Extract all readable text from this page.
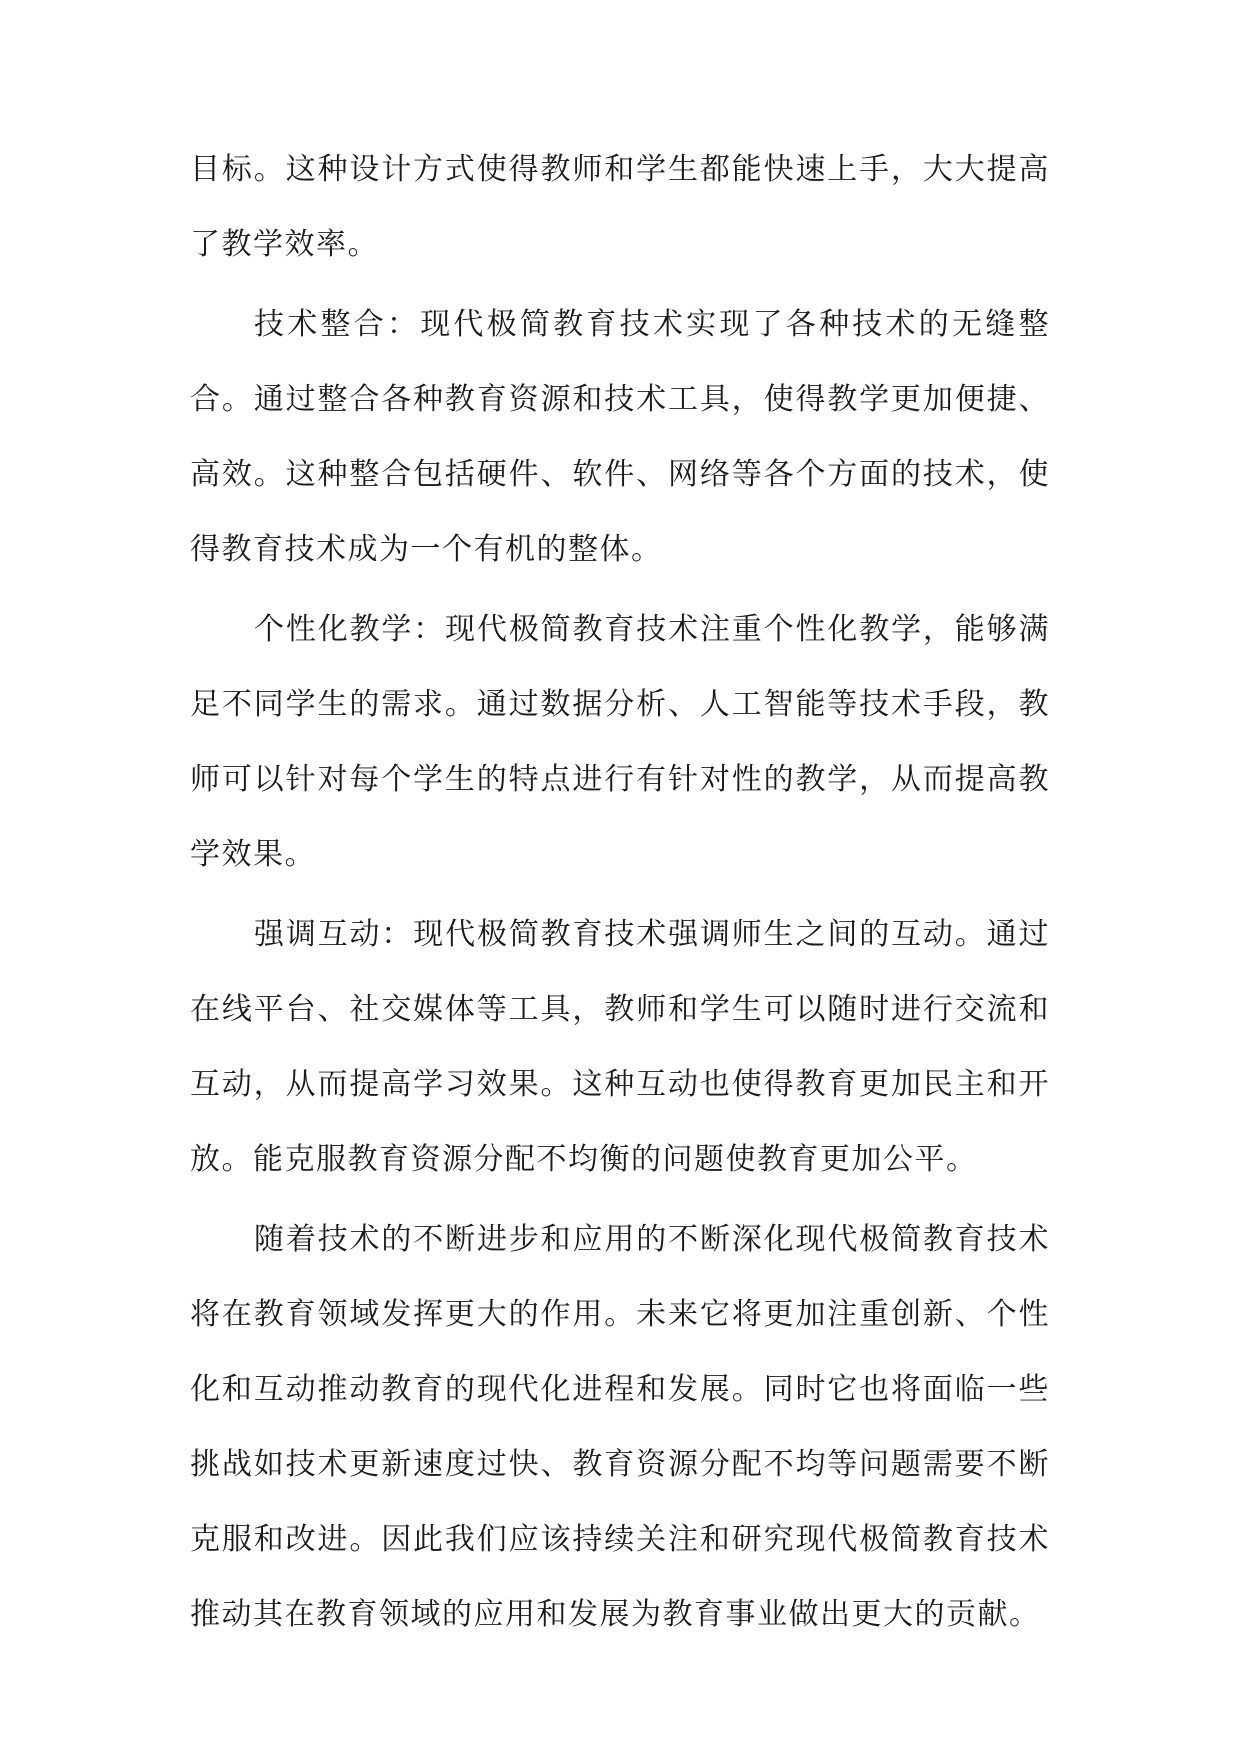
目标。这种设计方式使得教师和学生都能快速上手，大大提高了教学效率。

技术整合：现代极简教育技术实现了各种技术的无缝整合。通过整合各种教育资源和技术工具，使得教学更加便捷、高效。这种整合包括硬件、软件、网络等各个方面的技术，使得教育技术成为一个有机的整体。

个性化教学：现代极简教育技术注重个性化教学，能够满足不同学生的需求。通过数据分析、人工智能等技术手段，教师可以针对每个学生的特点进行有针对性的教学，从而提高教学效果。

强调互动：现代极简教育技术强调师生之间的互动。通过在线平台、社交媒体等工具，教师和学生可以随时进行交流和互动，从而提高学习效果。这种互动也使得教育更加民主和开放。能克服教育资源分配不均衡的问题使教育更加公平。

随着技术的不断进步和应用的不断深化现代极简教育技术将在教育领域发挥更大的作用。未来它将更加注重创新、个性化和互动推动教育的现代化进程和发展。同时它也将面临一些挑战如技术更新速度过快、教育资源分配不均等问题需要不断克服和改进。因此我们应该持续关注和研究现代极简教育技术推动其在教育领域的应用和发展为教育事业做出更大的贡献。
